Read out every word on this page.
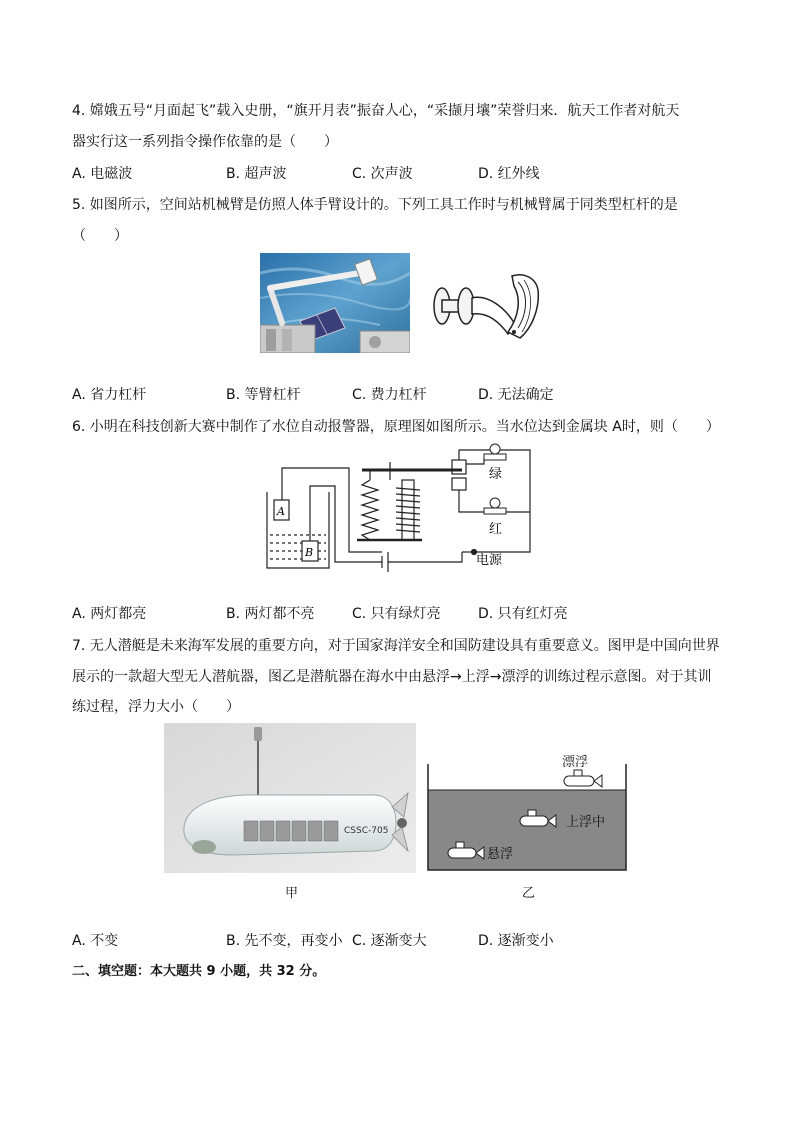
4. 嫦娥五号“月面起飞”载入史册，“旗开月表”振奋人心，“采撷月壤”荣誉归来．航天工作者对航天
器实行这一系列指令操作依靠的是（　　）
A. 电磁波	B. 超声波	C. 次声波	D. 红外线
5. 如图所示，空间站机械臂是仿照人体手臂设计的。下列工具工作时与机械臂属于同类型杠杆的是
（　　）
A. 省力杠杆	B. 等臂杠杆	C. 费力杠杆	D. 无法确定
6. 小明在科技创新大赛中制作了水位自动报警器，原理图如图所示。当水位达到金属块 A时，则（　　）
A
B
绿
红
电源
A. 两灯都亮	B. 两灯都不亮	C. 只有绿灯亮	D. 只有红灯亮
7. 无人潜艇是未来海军发展的重要方向，对于国家海洋安全和国防建设具有重要意义。图甲是中国向世界
展示的一款超大型无人潜航器，图乙是潜航器在海水中由悬浮→上浮→漂浮的训练过程示意图。对于其训
练过程，浮力大小（　　）
CSSC-705
甲
漂浮
上浮中
悬浮
乙
A. 不变	B. 先不变，再变小 C. 逐渐变大	D. 逐渐变小
二、填空题：本大题共 9 小题，共 32 分。
